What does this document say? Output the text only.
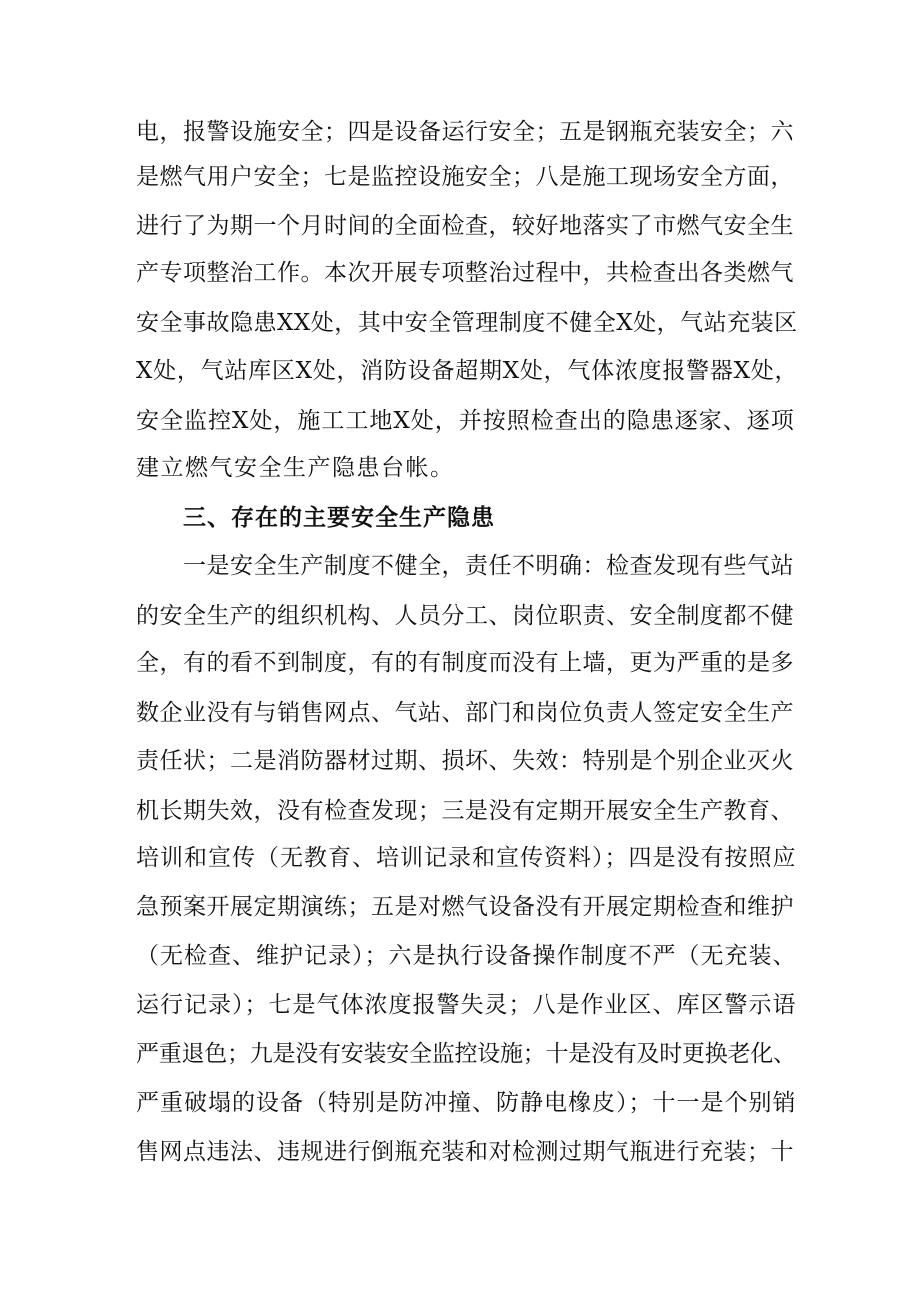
电，报警设施安全；四是设备运行安全；五是钢瓶充装安全；六
是燃气用户安全；七是监控设施安全；八是施工现场安全方面，
进行了为期一个月时间的全面检查，较好地落实了市燃气安全生
产专项整治工作。本次开展专项整治过程中，共检查出各类燃气
安全事故隐患XX处，其中安全管理制度不健全X处，气站充装区
X处，气站库区X处，消防设备超期X处，气体浓度报警器X处，
安全监控X处，施工工地X处，并按照检查出的隐患逐家、逐项
建立燃气安全生产隐患台帐。
三、存在的主要安全生产隐患
一是安全生产制度不健全，责任不明确：检查发现有些气站
的安全生产的组织机构、人员分工、岗位职责、安全制度都不健
全，有的看不到制度，有的有制度而没有上墙，更为严重的是多
数企业没有与销售网点、气站、部门和岗位负责人签定安全生产
责任状；二是消防器材过期、损坏、失效：特别是个别企业灭火
机长期失效，没有检查发现；三是没有定期开展安全生产教育、
培训和宣传（无教育、培训记录和宣传资料）；四是没有按照应
急预案开展定期演练；五是对燃气设备没有开展定期检查和维护
（无检查、维护记录）；六是执行设备操作制度不严（无充装、
运行记录）；七是气体浓度报警失灵；八是作业区、库区警示语
严重退色；九是没有安装安全监控设施；十是没有及时更换老化、
严重破塌的设备（特别是防冲撞、防静电橡皮）；十一是个别销
售网点违法、违规进行倒瓶充装和对检测过期气瓶进行充装；十
